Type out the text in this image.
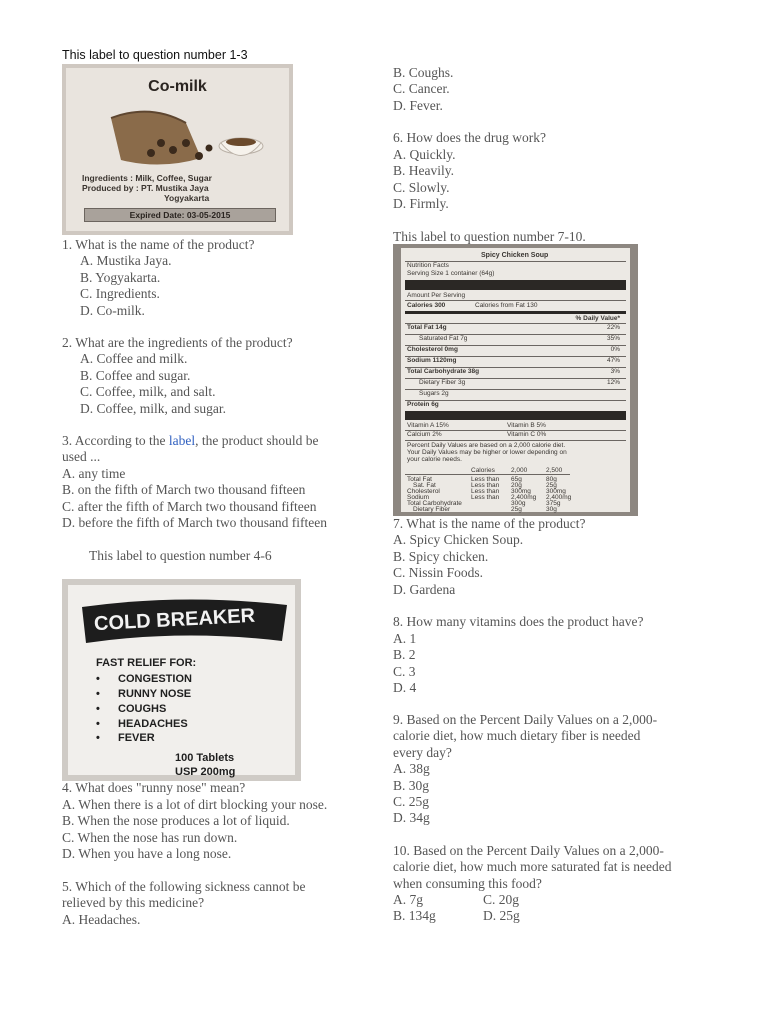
This label to question number 1-3
Co-milk
Ingredients : Milk, Coffee, Sugar
Produced by : PT. Mustika Jaya
Yogyakarta
Expired Date: 03-05-2015
1. What is the name of the product?
A. Mustika Jaya.
B. Yogyakarta.
C. Ingredients.
D. Co-milk.
2. What are the ingredients of the product?
A. Coffee and milk.
B. Coffee and sugar.
C. Coffee, milk, and salt.
D. Coffee, milk, and sugar.
3. According to the label, the product should be
used ...
A. any time
B. on the fifth of March two thousand fifteen
C. after the fifth of March two thousand fifteen
D. before the fifth of March two thousand fifteen
This label to question number 4-6
COLD BREAKER
FAST RELIEF FOR:
• CONGESTION
• RUNNY NOSE
• COUGHS
• HEADACHES
• FEVER
100 Tablets
USP 200mg
4. What does "runny nose" mean?
A. When there is a lot of dirt blocking your nose.
B. When the nose produces a lot of liquid.
C. When the nose has run down.
D. When you have a long nose.
5. Which of the following sickness cannot be
relieved by this medicine?
A. Headaches.
B. Coughs.
C. Cancer.
D. Fever.
6. How does the drug work?
A. Quickly.
B. Heavily.
C. Slowly.
D. Firmly.
This label to question number 7-10.
Spicy Chicken Soup
Nutrition Facts
Serving Size 1 container (64g)
Amount Per Serving
Calories 300	Calories from Fat 130
% Daily Value*
Total Fat 14g	22%
Saturated Fat 7g	35%
Cholesterol 0mg	0%
Sodium 1120mg	47%
Total Carbohydrate 38g	3%
Dietary Fiber 3g	12%
Sugars 2g
Protein 6g
Vitamin A 15%	Vitamin B 5%
Calcium 2%	Vitamin C 0%
Percent Daily Values are based on a 2,000 calorie diet.
Your Daily Values may be higher or lower depending on
your calorie needs.
Calories 2,000	2,500
Total Fat	Less than 65g	80g
Sat. Fat	Less than 20g	25g
Cholesterol	Less than 300mg 300mg
Sodium	Less than 2,400mg 2,400mg
Total Carbohydrate	300g	375g
Dietary Fiber	25g	30g
7. What is the name of the product?
A. Spicy Chicken Soup.
B. Spicy chicken.
C. Nissin Foods.
D. Gardena
8. How many vitamins does the product have?
A. 1
B. 2
C. 3
D. 4
9. Based on the Percent Daily Values on a 2,000-
calorie diet, how much dietary fiber is needed
every day?
A. 38g
B. 30g
C. 25g
D. 34g
10. Based on the Percent Daily Values on a 2,000-
calorie diet, how much more saturated fat is needed
when consuming this food?
A. 7g	C. 20g
B. 134g	D. 25g
